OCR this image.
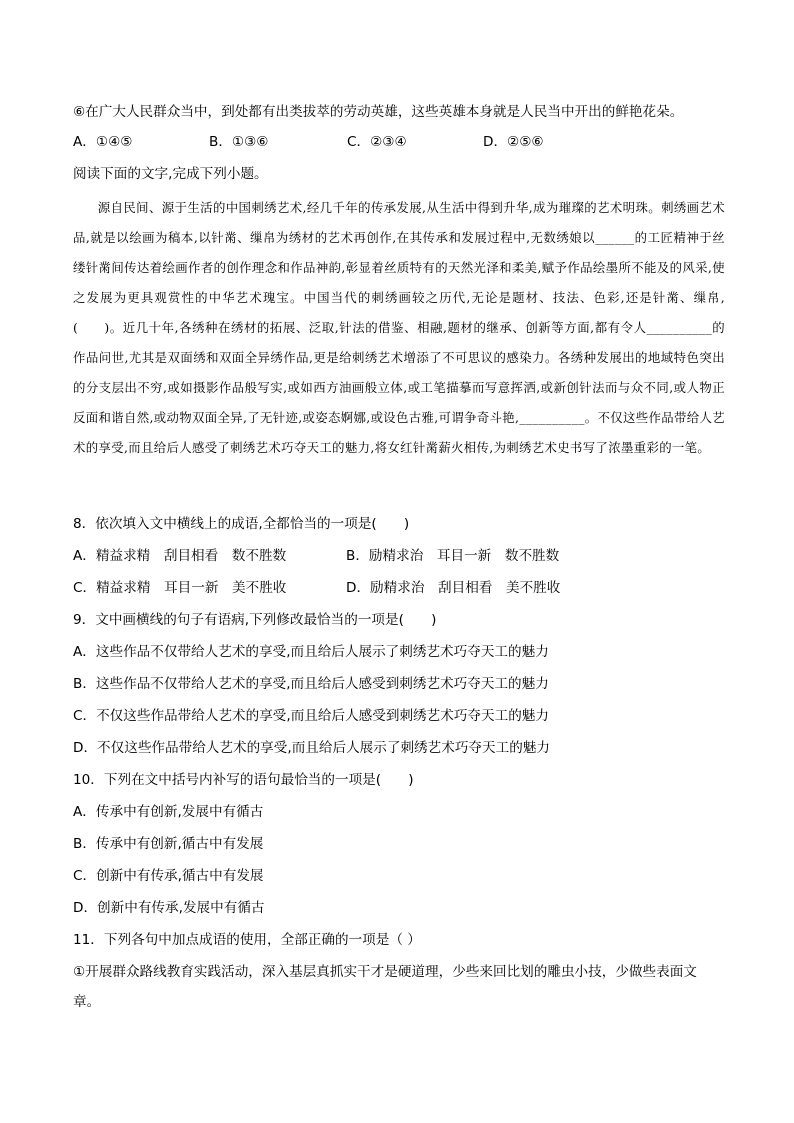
⑥在广大人民群众当中，到处都有出类拔萃的劳动英雄，这些英雄本身就是人民当中开出的鲜艳花朵。
A．①④⑤	B．①③⑥	C．②③④	D．②⑤⑥
阅读下面的文字,完成下列小题。
源自民间、源于生活的中国刺绣艺术,经几千年的传承发展,从生活中得到升华,成为璀璨的艺术明珠。刺绣画艺术品,就是以绘画为稿本,以针黹、缫帛为绣材的艺术再创作,在其传承和发展过程中,无数绣娘以______的工匠精神于丝缕针黹间传达着绘画作者的创作理念和作品神韵,彰显着丝质特有的天然光泽和柔美,赋予作品绘墨所不能及的风采,使之发展为更具观赏性的中华艺术瑰宝。中国当代的刺绣画较之历代,无论是题材、技法、色彩,还是针黹、缫帛,(　　)。近几十年,各绣种在绣材的拓展、泛取,针法的借鉴、相融,题材的继承、创新等方面,都有令人__________的作品问世,尤其是双面绣和双面全异绣作品,更是给刺绣艺术增添了不可思议的感染力。各绣种发展出的地域特色突出的分支层出不穷,或如摄影作品般写实,或如西方油画般立体,或工笔描摹而写意挥洒,或新创针法而与众不同,或人物正反面和谐自然,或动物双面全异,了无针迹,或姿态婀娜,或设色古雅,可谓争奇斗艳,__________。不仅这些作品带给人艺术的享受,而且给后人感受了刺绣艺术巧夺天工的魅力,将女红针黹薪火相传,为刺绣艺术史书写了浓墨重彩的一笔。
8．依次填入文中横线上的成语,全都恰当的一项是(　　)
A．精益求精　刮目相看　数不胜数	B．励精求治　耳目一新　数不胜数
C．精益求精　耳目一新　美不胜收	D．励精求治　刮目相看　美不胜收
9．文中画横线的句子有语病,下列修改最恰当的一项是(　　)
A．这些作品不仅带给人艺术的享受,而且给后人展示了刺绣艺术巧夺天工的魅力
B．这些作品不仅带给人艺术的享受,而且给后人感受到刺绣艺术巧夺天工的魅力
C．不仅这些作品带给人艺术的享受,而且给后人感受到刺绣艺术巧夺天工的魅力
D．不仅这些作品带给人艺术的享受,而且给后人展示了刺绣艺术巧夺天工的魅力
10．下列在文中括号内补写的语句最恰当的一项是(　　)
A．传承中有创新,发展中有循古
B．传承中有创新,循古中有发展
C．创新中有传承,循古中有发展
D．创新中有传承,发展中有循古
11．下列各句中加点成语的使用，全部正确的一项是（ ）
①开展群众路线教育实践活动，深入基层真抓实干才是硬道理，少些来回比划的雕虫小技，少做些表面文
章。
